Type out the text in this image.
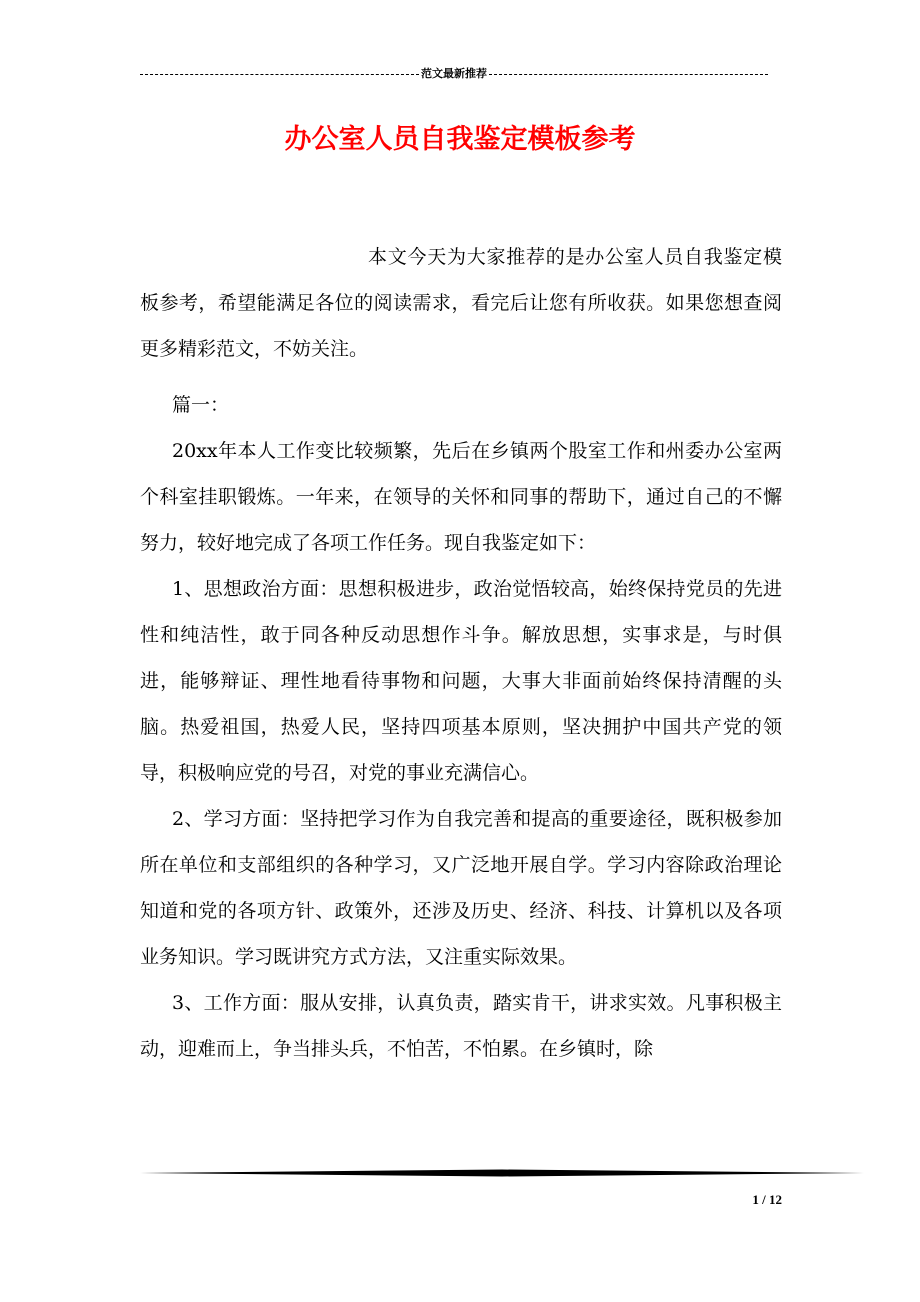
范文最新推荐
办公室人员自我鉴定模板参考

本文今天为大家推荐的是办公室人员自我鉴定模板参考，希望能满足各位的阅读需求，看完后让您有所收获。如果您想查阅更多精彩范文，不妨关注。

篇一：

20xx年本人工作变比较频繁，先后在乡镇两个股室工作和州委办公室两个科室挂职锻炼。一年来，在领导的关怀和同事的帮助下，通过自己的不懈努力，较好地完成了各项工作任务。现自我鉴定如下：

1、思想政治方面：思想积极进步，政治觉悟较高，始终保持党员的先进性和纯洁性，敢于同各种反动思想作斗争。解放思想，实事求是，与时俱进，能够辩证、理性地看待事物和问题，大事大非面前始终保持清醒的头脑。热爱祖国，热爱人民，坚持四项基本原则，坚决拥护中国共产党的领导，积极响应党的号召，对党的事业充满信心。

2、学习方面：坚持把学习作为自我完善和提高的重要途径，既积极参加所在单位和支部组织的各种学习，又广泛地开展自学。学习内容除政治理论知道和党的各项方针、政策外，还涉及历史、经济、科技、计算机以及各项业务知识。学习既讲究方式方法，又注重实际效果。

3、工作方面：服从安排，认真负责，踏实肯干，讲求实效。凡事积极主动，迎难而上，争当排头兵，不怕苦，不怕累。在乡镇时，除

1 / 12
